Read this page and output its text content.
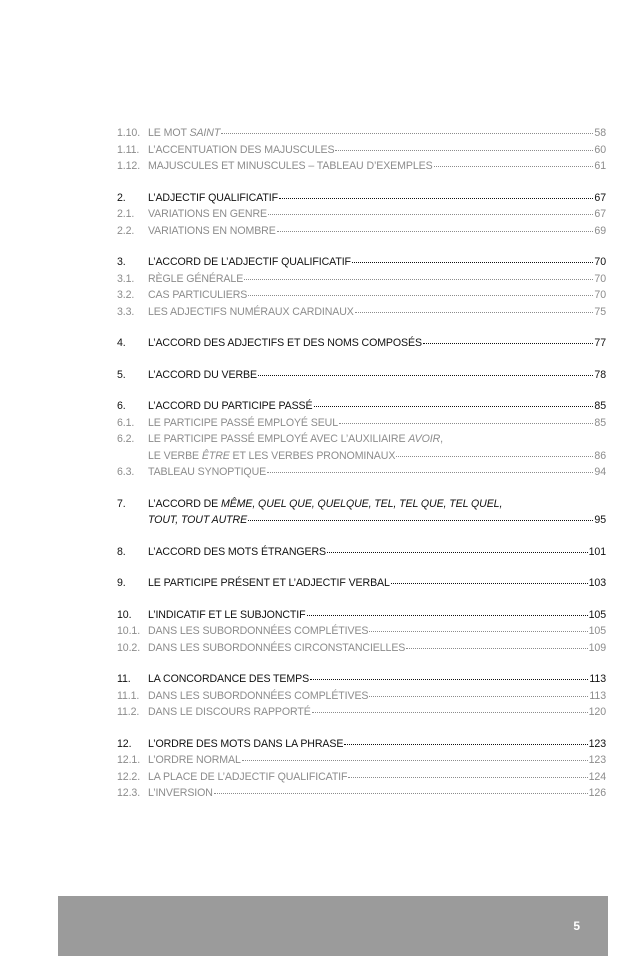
1.10. LE MOT SAINT	58
1.11. L’ACCENTUATION DES MAJUSCULES	60
1.12. MAJUSCULES ET MINUSCULES – TABLEAU D’EXEMPLES	61
2.	L’ADJECTIF QUALIFICATIF	67
2.1.	VARIATIONS EN GENRE	67
2.2.	VARIATIONS EN NOMBRE	69
3.	L’ACCORD DE L’ADJECTIF QUALIFICATIF	70
3.1.	RÈGLE GÉNÉRALE	70
3.2.	CAS PARTICULIERS	70
3.3.	LES ADJECTIFS NUMÉRAUX CARDINAUX	75
4.	L’ACCORD DES ADJECTIFS ET DES NOMS COMPOSÉS	77
5.	L’ACCORD DU VERBE	78
6.	L’ACCORD DU PARTICIPE PASSÉ	85
6.1.	LE PARTICIPE PASSÉ EMPLOYÉ SEUL	85
6.2.	LE PARTICIPE PASSÉ EMPLOYÉ AVEC L’AUXILIAIRE AVOIR,
LE VERBE ÊTRE ET LES VERBES PRONOMINAUX	86
6.3.	TABLEAU SYNOPTIQUE	94
7.	L’ACCORD DE MÊME, QUEL QUE, QUELQUE, TEL, TEL QUE, TEL QUEL,
TOUT, TOUT AUTRE	95
8.	L’ACCORD DES MOTS ÉTRANGERS	101
9.	LE PARTICIPE PRÉSENT ET L’ADJECTIF VERBAL	103
10.	L’INDICATIF ET LE SUBJONCTIF	105
10.1. DANS LES SUBORDONNÉES COMPLÉTIVES	105
10.2. DANS LES SUBORDONNÉES CIRCONSTANCIELLES	109
11.	LA CONCORDANCE DES TEMPS	113
11.1. DANS LES SUBORDONNÉES COMPLÉTIVES	113
11.2. DANS LE DISCOURS RAPPORTÉ	120
12.	L’ORDRE DES MOTS DANS LA PHRASE	123
12.1. L’ORDRE NORMAL	123
12.2. LA PLACE DE L’ADJECTIF QUALIFICATIF	124
12.3. L’INVERSION	126
5
